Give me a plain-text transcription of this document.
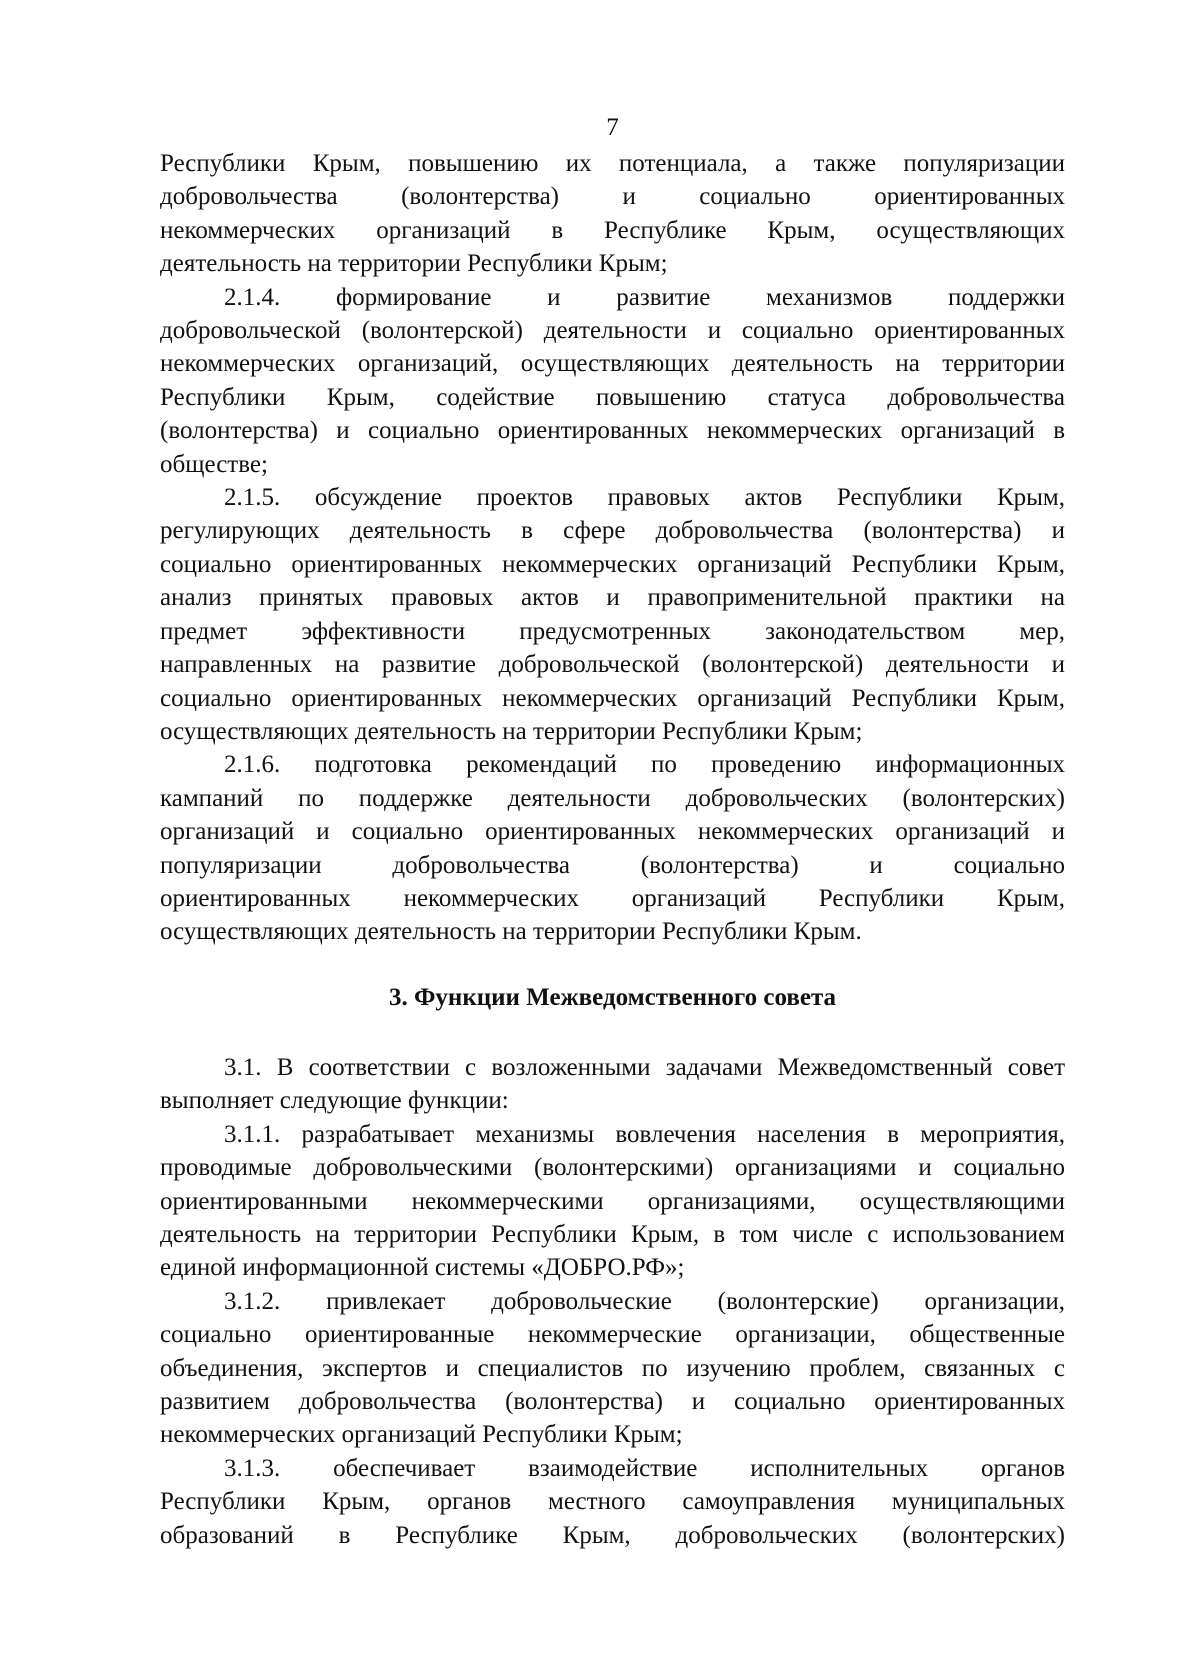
7
Республики Крым, повышению их потенциала, а также популяризации
добровольчества (волонтерства) и социально ориентированных
некоммерческих организаций в Республике Крым, осуществляющих
деятельность на территории Республики Крым;
2.1.4. формирование и развитие механизмов поддержки
добровольческой (волонтерской) деятельности и социально ориентированных
некоммерческих организаций, осуществляющих деятельность на территории
Республики Крым, содействие повышению статуса добровольчества
(волонтерства) и социально ориентированных некоммерческих организаций в
обществе;
2.1.5. обсуждение проектов правовых актов Республики Крым,
регулирующих деятельность в сфере добровольчества (волонтерства) и
социально ориентированных некоммерческих организаций Республики Крым,
анализ принятых правовых актов и правоприменительной практики на
предмет эффективности предусмотренных законодательством мер,
направленных на развитие добровольческой (волонтерской) деятельности и
социально ориентированных некоммерческих организаций Республики Крым,
осуществляющих деятельность на территории Республики Крым;
2.1.6. подготовка рекомендаций по проведению информационных
кампаний по поддержке деятельности добровольческих (волонтерских)
организаций и социально ориентированных некоммерческих организаций и
популяризации добровольчества (волонтерства) и социально
ориентированных некоммерческих организаций Республики Крым,
осуществляющих деятельность на территории Республики Крым.
3. Функции Межведомственного совета
3.1. В соответствии с возложенными задачами Межведомственный совет
выполняет следующие функции:
3.1.1. разрабатывает механизмы вовлечения населения в мероприятия,
проводимые добровольческими (волонтерскими) организациями и социально
ориентированными некоммерческими организациями, осуществляющими
деятельность на территории Республики Крым, в том числе с использованием
единой информационной системы «ДОБРО.РФ»;
3.1.2. привлекает добровольческие (волонтерские) организации,
социально ориентированные некоммерческие организации, общественные
объединения, экспертов и специалистов по изучению проблем, связанных с
развитием добровольчества (волонтерства) и социально ориентированных
некоммерческих организаций Республики Крым;
3.1.3. обеспечивает взаимодействие исполнительных органов
Республики Крым, органов местного самоуправления муниципальных
образований в Республике Крым, добровольческих (волонтерских)
